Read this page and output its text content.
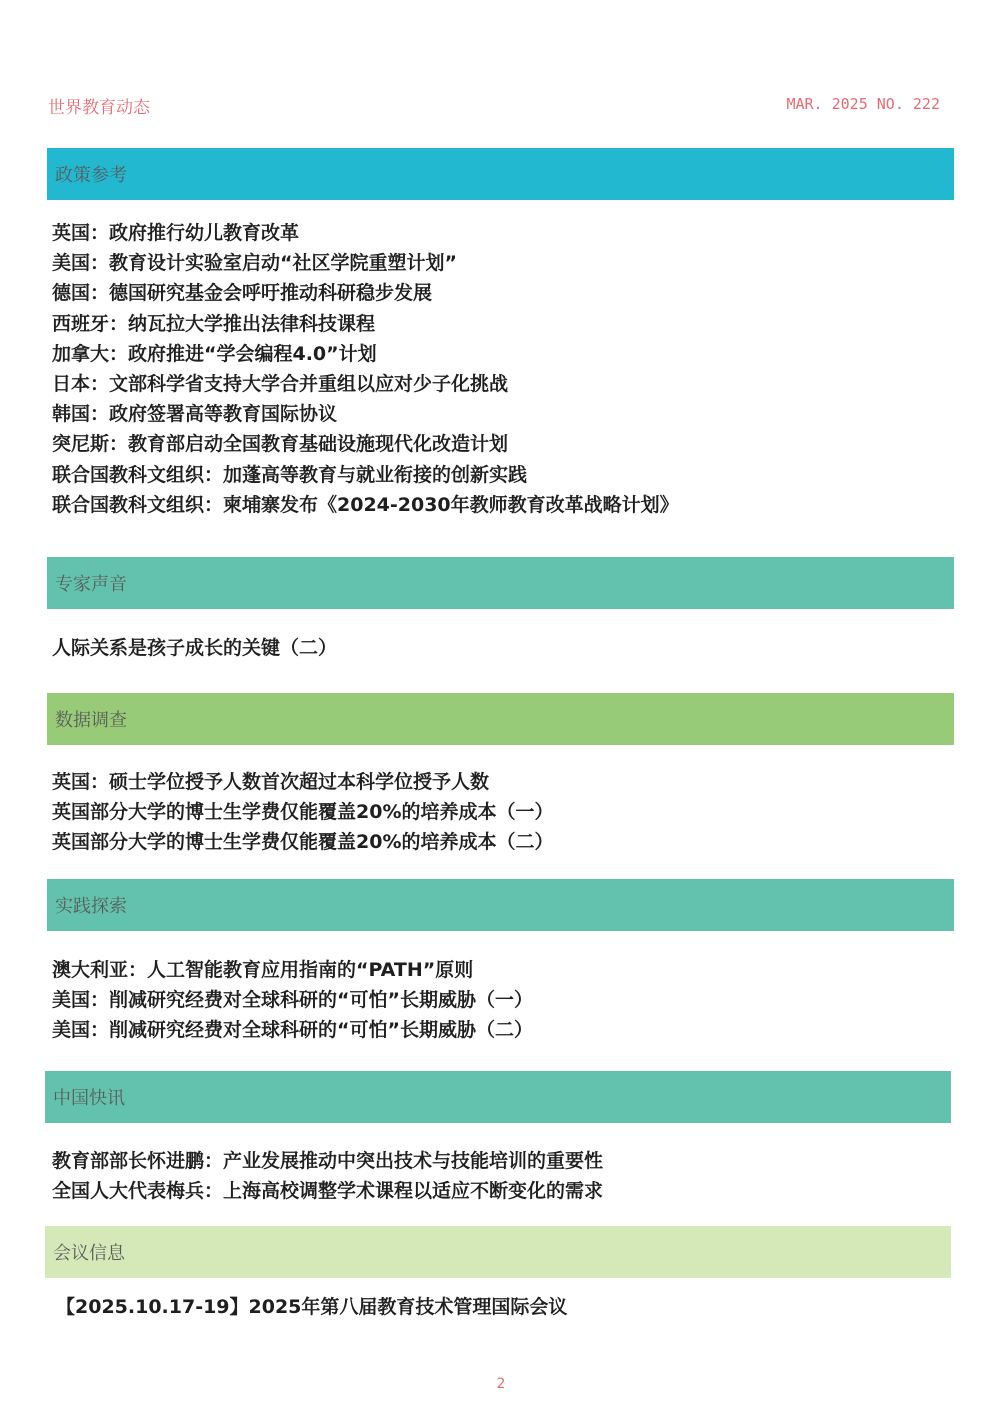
世界教育动态	MAR. 2025 NO. 222
政策参考
英国：政府推行幼儿教育改革
美国：教育设计实验室启动“社区学院重塑计划”
德国：德国研究基金会呼吁推动科研稳步发展
西班牙：纳瓦拉大学推出法律科技课程
加拿大：政府推进“学会编程4.0”计划
日本：文部科学省支持大学合并重组以应对少子化挑战
韩国：政府签署高等教育国际协议
突尼斯：教育部启动全国教育基础设施现代化改造计划
联合国教科文组织：加蓬高等教育与就业衔接的创新实践
联合国教科文组织：柬埔寨发布《2024-2030年教师教育改革战略计划》
专家声音
人际关系是孩子成长的关键（二）
数据调查
英国：硕士学位授予人数首次超过本科学位授予人数
英国部分大学的博士生学费仅能覆盖20%的培养成本（一）
英国部分大学的博士生学费仅能覆盖20%的培养成本（二）
实践探索
澳大利亚：人工智能教育应用指南的“PATH”原则
美国：削减研究经费对全球科研的“可怕”长期威胁（一）
美国：削减研究经费对全球科研的“可怕”长期威胁（二）
中国快讯
教育部部长怀进鹏：产业发展推动中突出技术与技能培训的重要性
全国人大代表梅兵：上海高校调整学术课程以适应不断变化的需求
会议信息
【2025.10.17-19】2025年第八届教育技术管理国际会议
2
